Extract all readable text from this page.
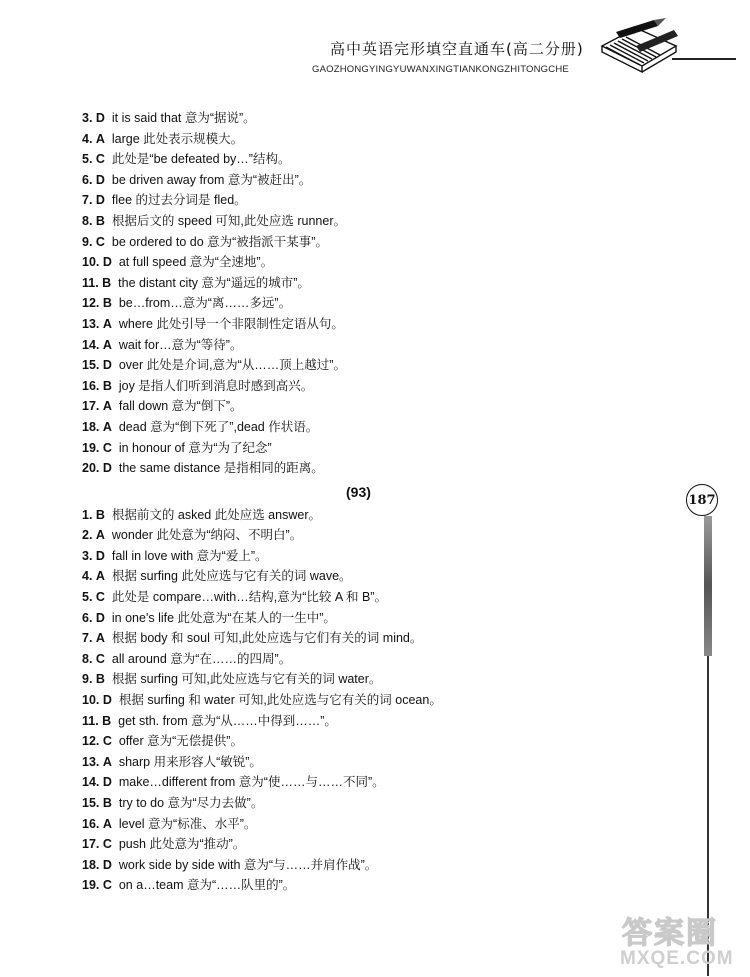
高中英语完形填空直通车(高二分册)
GAOZHONGYINGYUWANXINGTIANKONGZHITONGCHE
3. D it is said that 意为“据说”。
4. A large 此处表示规模大。
5. C 此处是“be defeated by…”结构。
6. D be driven away from 意为“被赶出”。
7. D flee 的过去分词是 fled。
8. B 根据后文的 speed 可知,此处应选 runner。
9. C be ordered to do 意为“被指派干某事”。
10. D at full speed 意为“全速地”。
11. B the distant city 意为“遥远的城市”。
12. B be…from…意为“离……多远”。
13. A where 此处引导一个非限制性定语从句。
14. A wait for…意为“等待”。
15. D over 此处是介词,意为“从……顶上越过”。
16. B joy 是指人们听到消息时感到高兴。
17. A fall down 意为“倒下”。
18. A dead 意为“倒下死了”,dead 作状语。
19. C in honour of 意为“为了纪念”
20. D the same distance 是指相同的距离。
(93)
1. B 根据前文的 asked 此处应选 answer。
2. A wonder 此处意为“纳闷、不明白”。
3. D fall in love with 意为“爱上”。
4. A 根据 surfing 此处应选与它有关的词 wave。
5. C 此处是 compare…with…结构,意为“比较 A 和 B”。
6. D in one's life 此处意为“在某人的一生中”。
7. A 根据 body 和 soul 可知,此处应选与它们有关的词 mind。
8. C all around 意为“在……的四周”。
9. B 根据 surfing 可知,此处应选与它有关的词 water。
10. D 根据 surfing 和 water 可知,此处应选与它有关的词 ocean。
11. B get sth. from 意为“从……中得到……”。
12. C offer 意为“无偿提供”。
13. A sharp 用来形容人“敏锐”。
14. D make…different from 意为“使……与……不同”。
15. B try to do 意为“尽力去做”。
16. A level 意为“标准、水平”。
17. C push 此处意为“推动”。
18. D work side by side with 意为“与……并肩作战”。
19. C on a…team 意为“……队里的”。
187
答案圈
MXQE.COM
